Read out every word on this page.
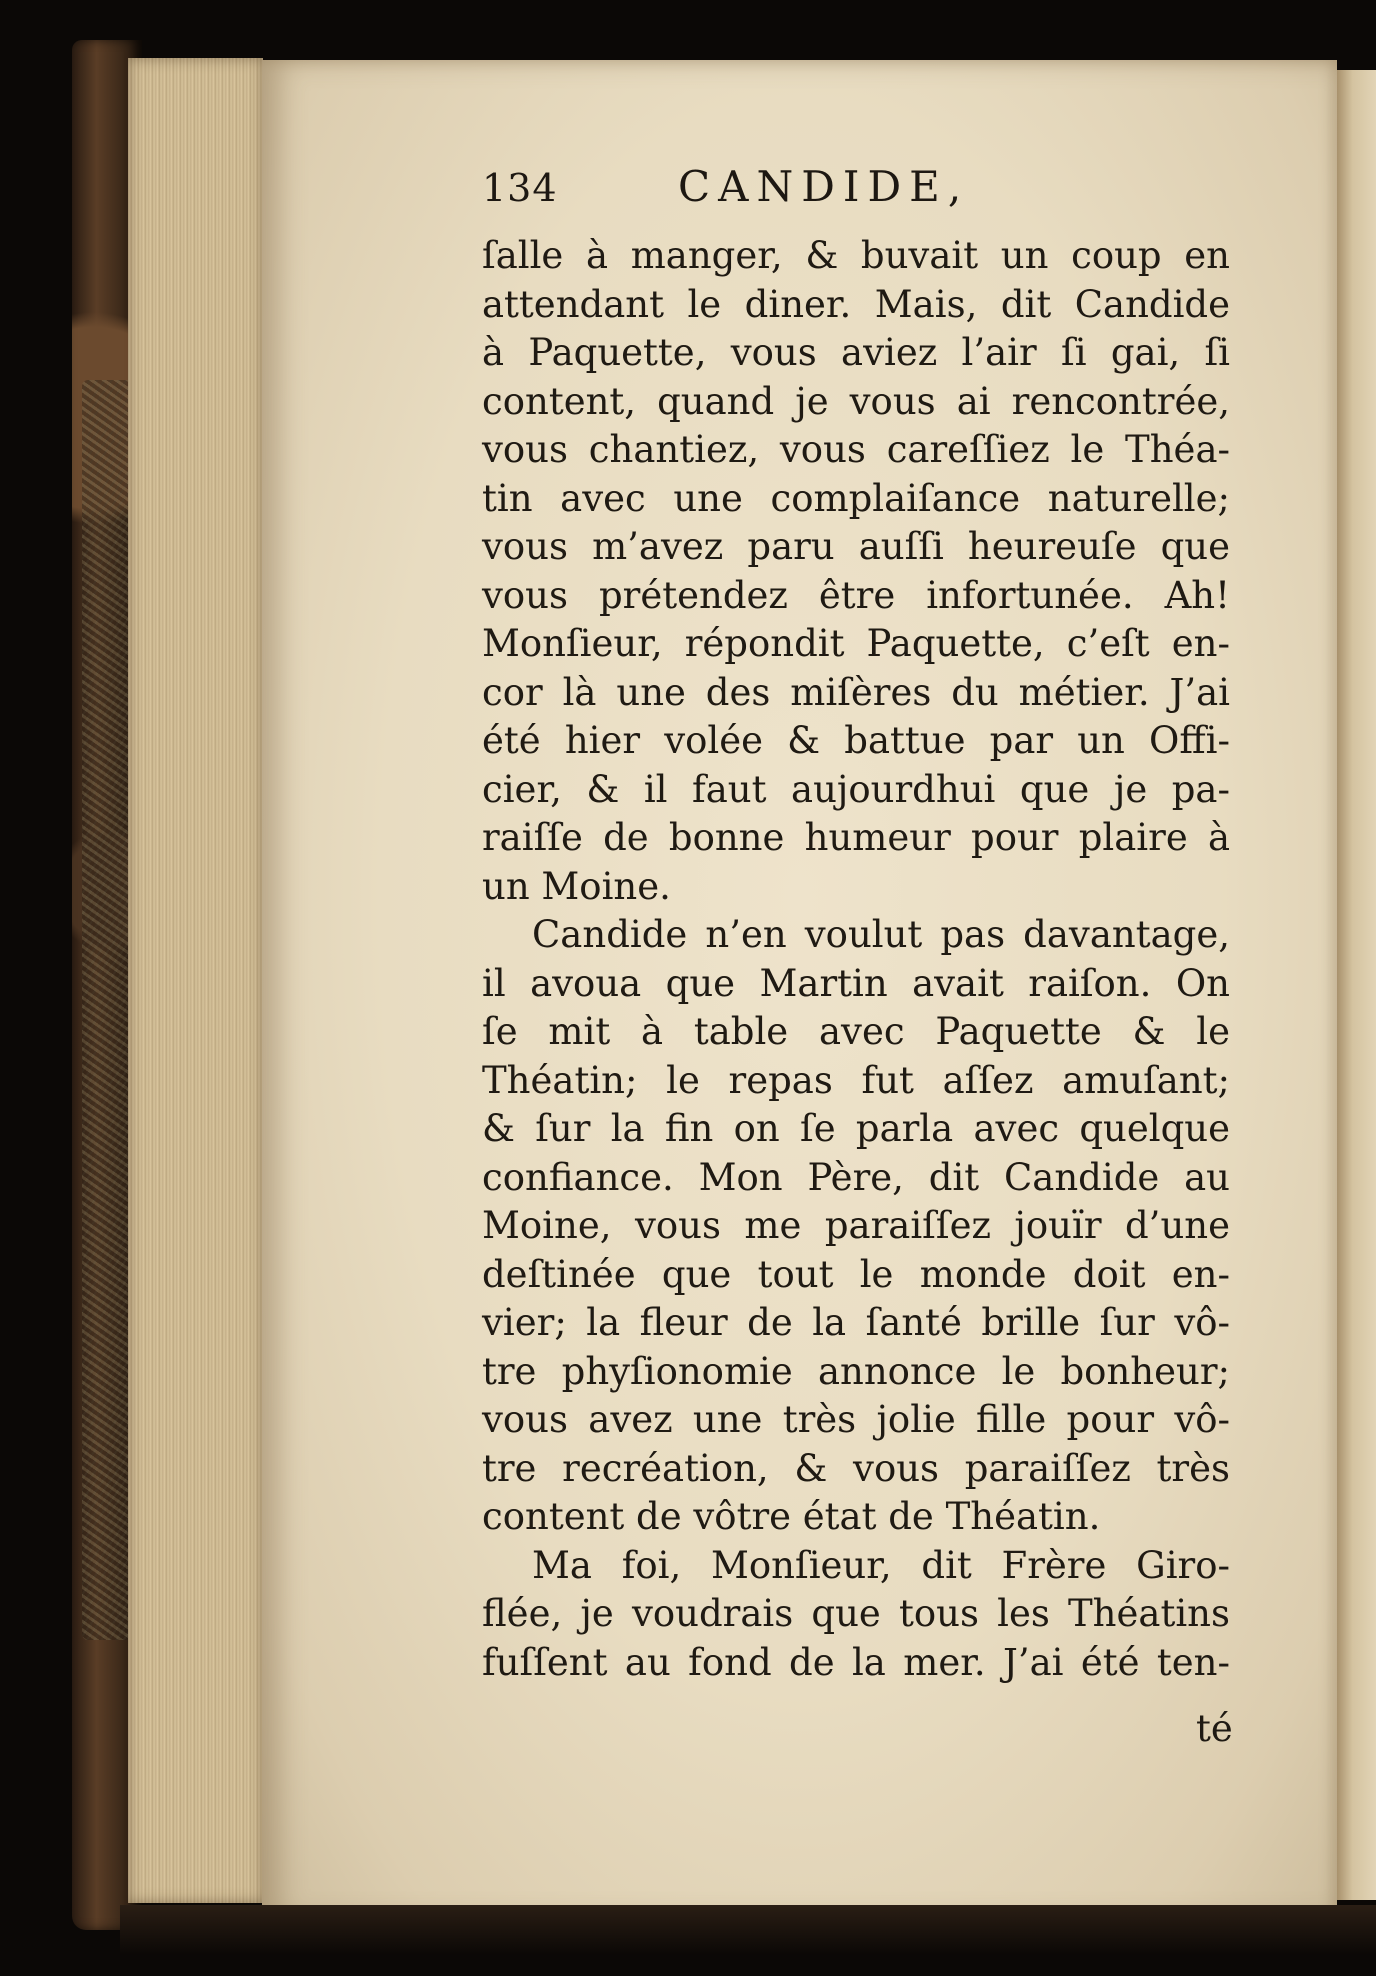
134	CANDIDE,
ſalle à manger, & buvait un coup en
attendant le diner. Mais, dit Candide
à Paquette, vous aviez l’air ſi gai, ſi
content, quand je vous ai rencontrée,
vous chantiez, vous careſſiez le Théa-
tin avec une complaiſance naturelle;
vous m’avez paru auſſi heureuſe que
vous prétendez être infortunée. Ah!
Monſieur, répondit Paquette, c’eſt en-
cor là une des miſères du métier. J’ai
été hier volée & battue par un Offi-
cier, & il faut aujourdhui que je pa-
raiſſe de bonne humeur pour plaire à
un Moine.
Candide n’en voulut pas davantage,
il avoua que Martin avait raiſon. On
ſe mit à table avec Paquette & le
Théatin; le repas fut aſſez amuſant;
& ſur la fin on ſe parla avec quelque
confiance. Mon Père, dit Candide au
Moine, vous me paraiſſez jouïr d’une
deſtinée que tout le monde doit en-
vier; la fleur de la ſanté brille ſur vô-
tre phyſionomie annonce le bonheur;
vous avez une très jolie fille pour vô-
tre recréation, & vous paraiſſez très
content de vôtre état de Théatin.
Ma foi, Monſieur, dit Frère Giro-
flée, je voudrais que tous les Théatins
fuſſent au fond de la mer. J’ai été ten-
té
